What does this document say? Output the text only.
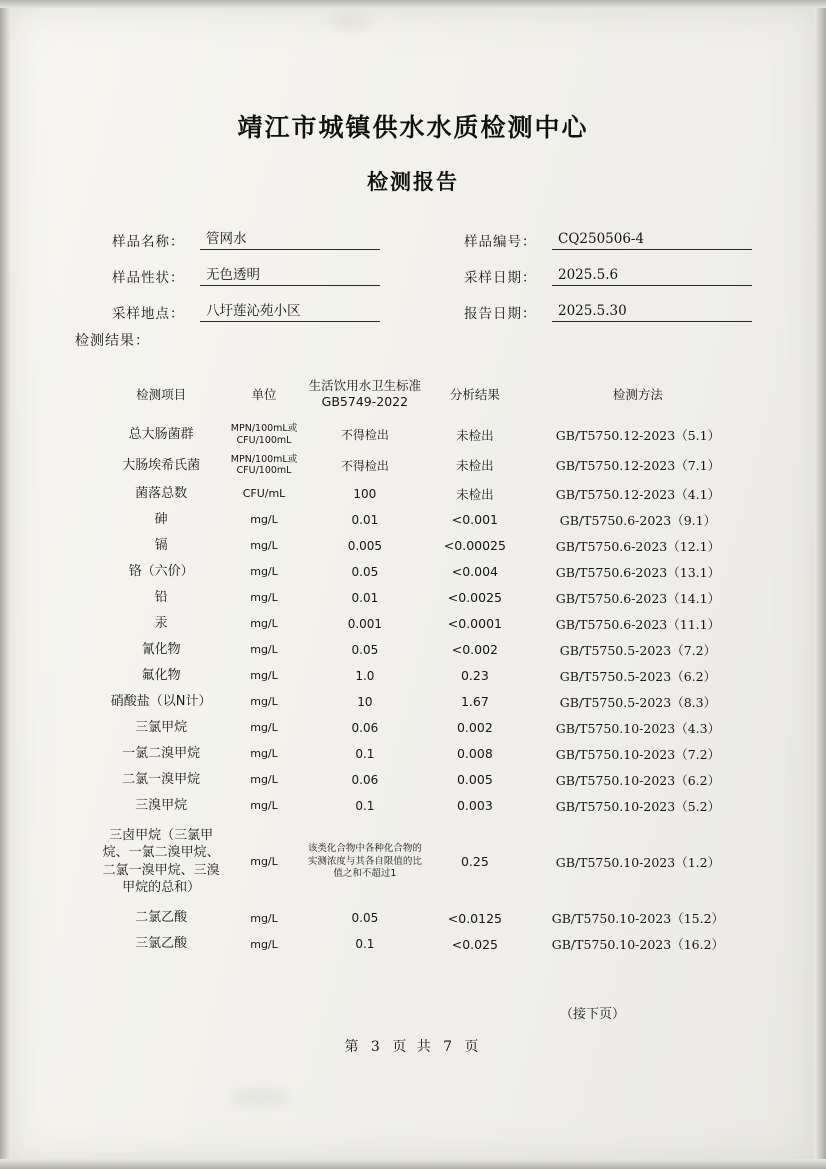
靖江市城镇供水水质检测中心
检测报告
样品名称：	管网水	样品编号：	CQ250506-4
样品性状：	无色透明	采样日期：	2025.5.6
采样地点：	八圩莲沁苑小区	报告日期：	2025.5.30
检测结果：
检测项目	单位	生活饮用水卫生标准GB5749-2022	分析结果	检测方法
总大肠菌群	MPN/100mL或CFU/100mL	不得检出	未检出	GB/T5750.12-2023（5.1）
大肠埃希氏菌	MPN/100mL或CFU/100mL	不得检出	未检出	GB/T5750.12-2023（7.1）
菌落总数	CFU/mL	100	未检出	GB/T5750.12-2023（4.1）
砷	mg/L	0.01	<0.001	GB/T5750.6-2023（9.1）
镉	mg/L	0.005	<0.00025	GB/T5750.6-2023（12.1）
铬（六价）	mg/L	0.05	<0.004	GB/T5750.6-2023（13.1）
铅	mg/L	0.01	<0.0025	GB/T5750.6-2023（14.1）
汞	mg/L	0.001	<0.0001	GB/T5750.6-2023（11.1）
氰化物	mg/L	0.05	<0.002	GB/T5750.5-2023（7.2）
氟化物	mg/L	1.0	0.23	GB/T5750.5-2023（6.2）
硝酸盐（以N计）	mg/L	10	1.67	GB/T5750.5-2023（8.3）
三氯甲烷	mg/L	0.06	0.002	GB/T5750.10-2023（4.3）
一氯二溴甲烷	mg/L	0.1	0.008	GB/T5750.10-2023（7.2）
二氯一溴甲烷	mg/L	0.06	0.005	GB/T5750.10-2023（6.2）
三溴甲烷	mg/L	0.1	0.003	GB/T5750.10-2023（5.2）
三卤甲烷（三氯甲烷、一氯二溴甲烷、二氯一溴甲烷、三溴甲烷的总和）	mg/L	该类化合物中各种化合物的实测浓度与其各自限值的比值之和不超过1	0.25	GB/T5750.10-2023（1.2）
二氯乙酸	mg/L	0.05	<0.0125	GB/T5750.10-2023（15.2）
三氯乙酸	mg/L	0.1	<0.025	GB/T5750.10-2023（16.2）
（接下页）
第 3 页 共 7 页
